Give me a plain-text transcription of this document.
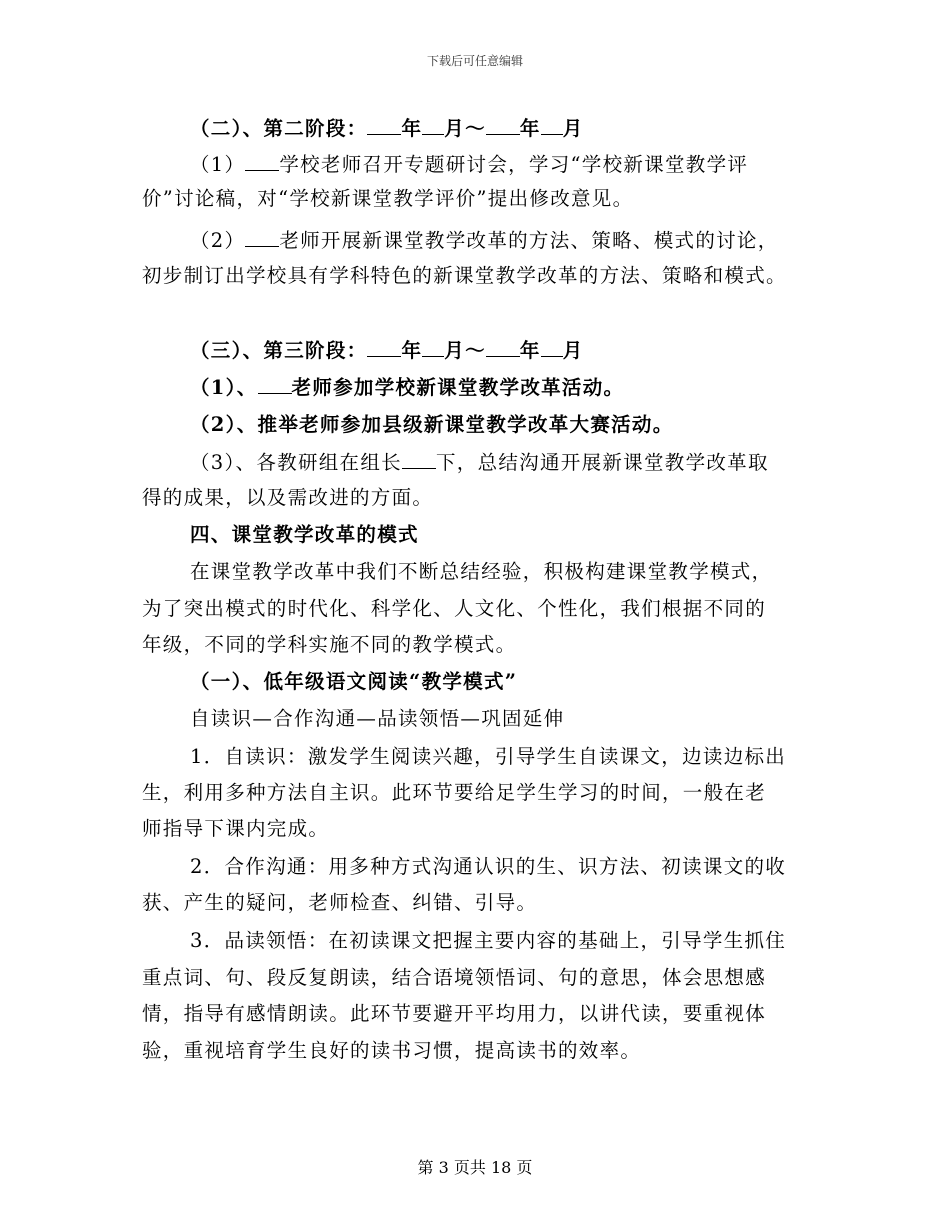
下载后可任意编辑
（二）、第二阶段： 年 月～ 年 月
（1） 学校老师召开专题研讨会，学习“学校新课堂教学评
价”讨论稿，对“学校新课堂教学评价”提出修改意见。
（2） 老师开展新课堂教学改革的方法、策略、模式的讨论，
初步制订出学校具有学科特色的新课堂教学改革的方法、策略和模式。
（三）、第三阶段： 年 月～ 年 月
（1）、 老师参加学校新课堂教学改革活动。
（2）、推举老师参加县级新课堂教学改革大赛活动。
（3）、各教研组在组长 下，总结沟通开展新课堂教学改革取
得的成果，以及需改进的方面。
四、课堂教学改革的模式
在课堂教学改革中我们不断总结经验，积极构建课堂教学模式，
为了突出模式的时代化、科学化、人文化、个性化，我们根据不同的
年级，不同的学科实施不同的教学模式。
（一）、低年级语文阅读“教学模式”
自读识—合作沟通—品读领悟—巩固延伸
1．自读识：激发学生阅读兴趣，引导学生自读课文，边读边标出
生，利用多种方法自主识。此环节要给足学生学习的时间，一般在老
师指导下课内完成。
2．合作沟通：用多种方式沟通认识的生、识方法、初读课文的收
获、产生的疑问，老师检查、纠错、引导。
3．品读领悟：在初读课文把握主要内容的基础上，引导学生抓住
重点词、句、段反复朗读，结合语境领悟词、句的意思，体会思想感
情，指导有感情朗读。此环节要避开平均用力，以讲代读，要重视体
验，重视培育学生良好的读书习惯，提高读书的效率。
第 3 页共 18 页
